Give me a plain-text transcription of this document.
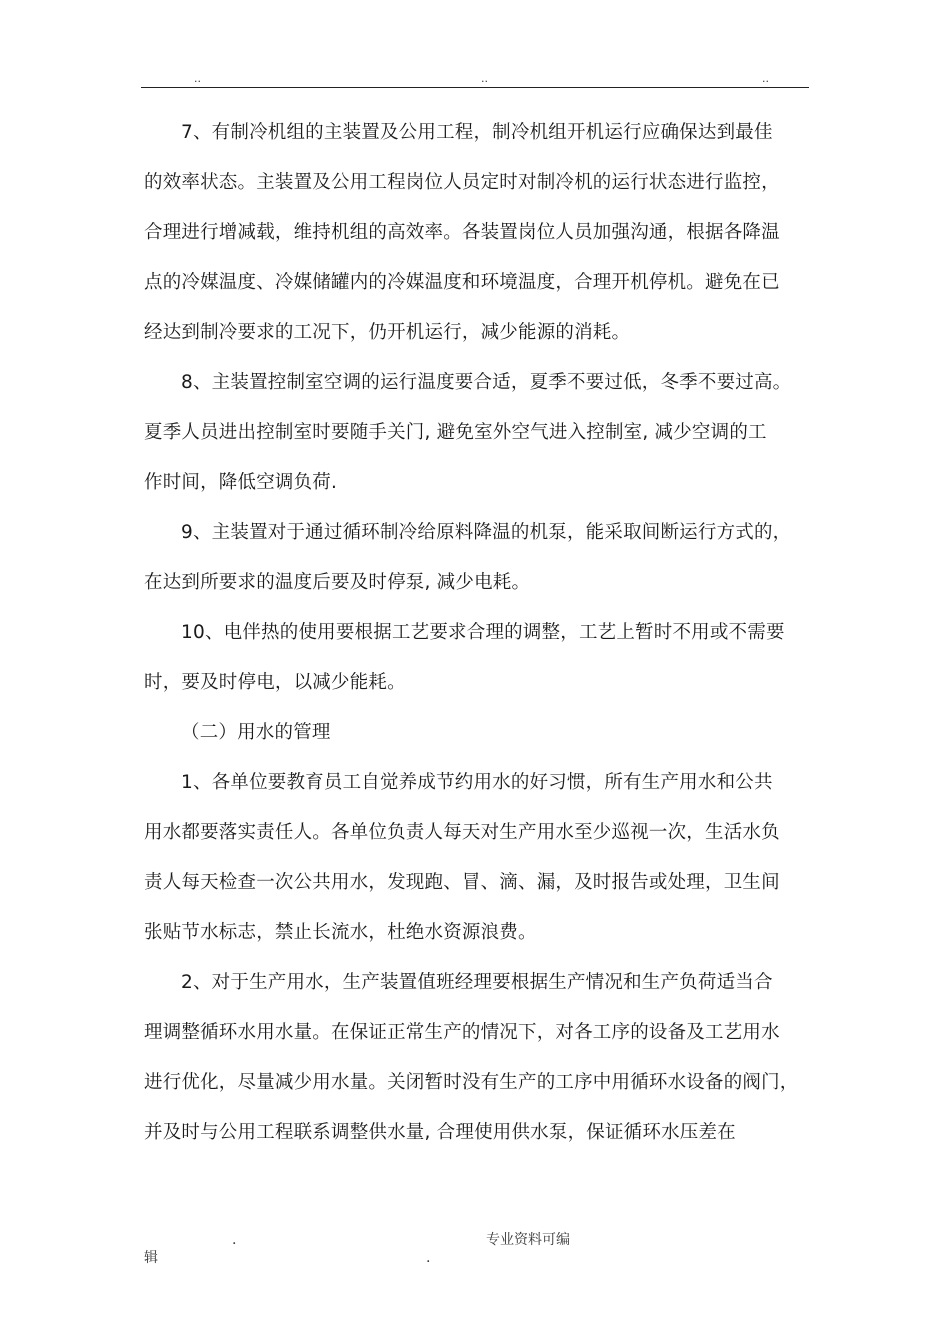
..	..	..
7、有制冷机组的主装置及公用工程，制冷机组开机运行应确保达到最佳
的效率状态。主装置及公用工程岗位人员定时对制冷机的运行状态进行监控，
合理进行增减载，维持机组的高效率。各装置岗位人员加强沟通，根据各降温
点的冷媒温度、冷媒储罐内的冷媒温度和环境温度，合理开机停机。避免在已
经达到制冷要求的工况下，仍开机运行，减少能源的消耗。
8、主装置控制室空调的运行温度要合适，夏季不要过低，冬季不要过高。
夏季人员进出控制室时要随手关门, 避免室外空气进入控制室, 减少空调的工
作时间，降低空调负荷.
9、主装置对于通过循环制冷给原料降温的机泵，能采取间断运行方式的，
在达到所要求的温度后要及时停泵, 减少电耗。
10、电伴热的使用要根据工艺要求合理的调整，工艺上暂时不用或不需要
时，要及时停电，以减少能耗。
（二）用水的管理
1、各单位要教育员工自觉养成节约用水的好习惯，所有生产用水和公共
用水都要落实责任人。各单位负责人每天对生产用水至少巡视一次，生活水负
责人每天检查一次公共用水，发现跑、冒、滴、漏，及时报告或处理，卫生间
张贴节水标志，禁止长流水，杜绝水资源浪费。
2、对于生产用水，生产装置值班经理要根据生产情况和生产负荷适当合
理调整循环水用水量。在保证正常生产的情况下，对各工序的设备及工艺用水
进行优化，尽量减少用水量。关闭暂时没有生产的工序中用循环水设备的阀门，
并及时与公用工程联系调整供水量, 合理使用供水泵，保证循环水压差在
.	专业资料可编
辑	.
